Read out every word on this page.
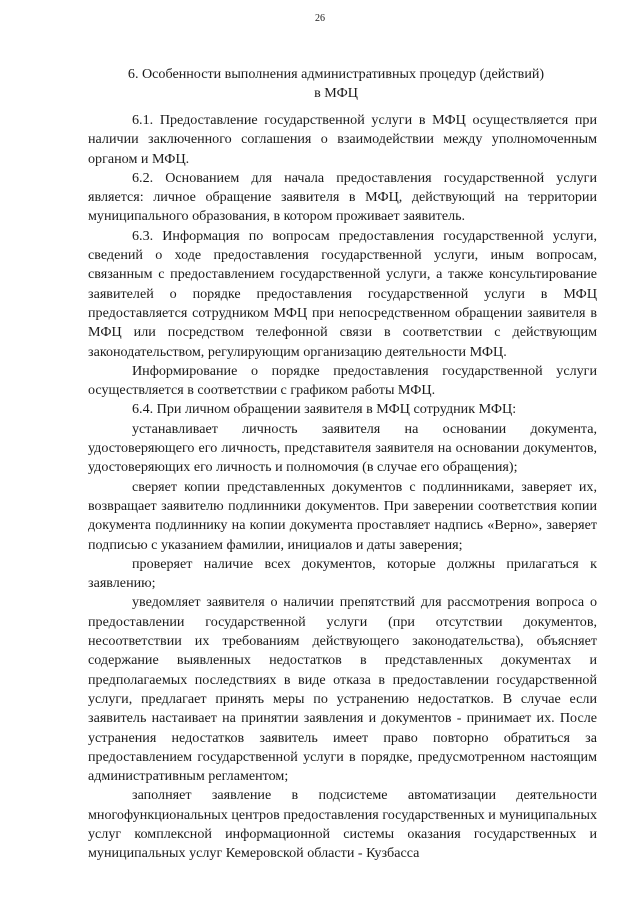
26
6. Особенности выполнения административных процедур (действий)
в МФЦ

6.1. Предоставление государственной услуги в МФЦ осуществляется при наличии заключенного соглашения о взаимодействии между уполномоченным органом и МФЦ.

6.2. Основанием для начала предоставления государственной услуги является: личное обращение заявителя в МФЦ, действующий на территории муниципального образования, в котором проживает заявитель.

6.3. Информация по вопросам предоставления государственной услуги, сведений о ходе предоставления государственной услуги, иным вопросам, связанным с предоставлением государственной услуги, а также консультирование заявителей о порядке предоставления государственной услуги в МФЦ предоставляется сотрудником МФЦ при непосредственном обращении заявителя в МФЦ или посредством телефонной связи в соответствии с действующим законодательством, регулирующим организацию деятельности МФЦ.

Информирование о порядке предоставления государственной услуги осуществляется в соответствии с графиком работы МФЦ.

6.4. При личном обращении заявителя в МФЦ сотрудник МФЦ:

устанавливает личность заявителя на основании документа, удостоверяющего его личность, представителя заявителя на основании документов, удостоверяющих его личность и полномочия (в случае его обращения);

сверяет копии представленных документов с подлинниками, заверяет их, возвращает заявителю подлинники документов. При заверении соответствия копии документа подлиннику на копии документа проставляет надпись «Верно», заверяет подписью с указанием фамилии, инициалов и даты заверения;

проверяет наличие всех документов, которые должны прилагаться к заявлению;

уведомляет заявителя о наличии препятствий для рассмотрения вопроса о предоставлении государственной услуги (при отсутствии документов, несоответствии их требованиям действующего законодательства), объясняет содержание выявленных недостатков в представленных документах и предполагаемых последствиях в виде отказа в предоставлении государственной услуги, предлагает принять меры по устранению недостатков. В случае если заявитель настаивает на принятии заявления и документов - принимает их. После устранения недостатков заявитель имеет право повторно обратиться за предоставлением государственной услуги в порядке, предусмотренном настоящим административным регламентом;

заполняет заявление в подсистеме автоматизации деятельности многофункциональных центров предоставления государственных и муниципальных услуг комплексной информационной системы оказания государственных и муниципальных услуг Кемеровской области - Кузбасса
